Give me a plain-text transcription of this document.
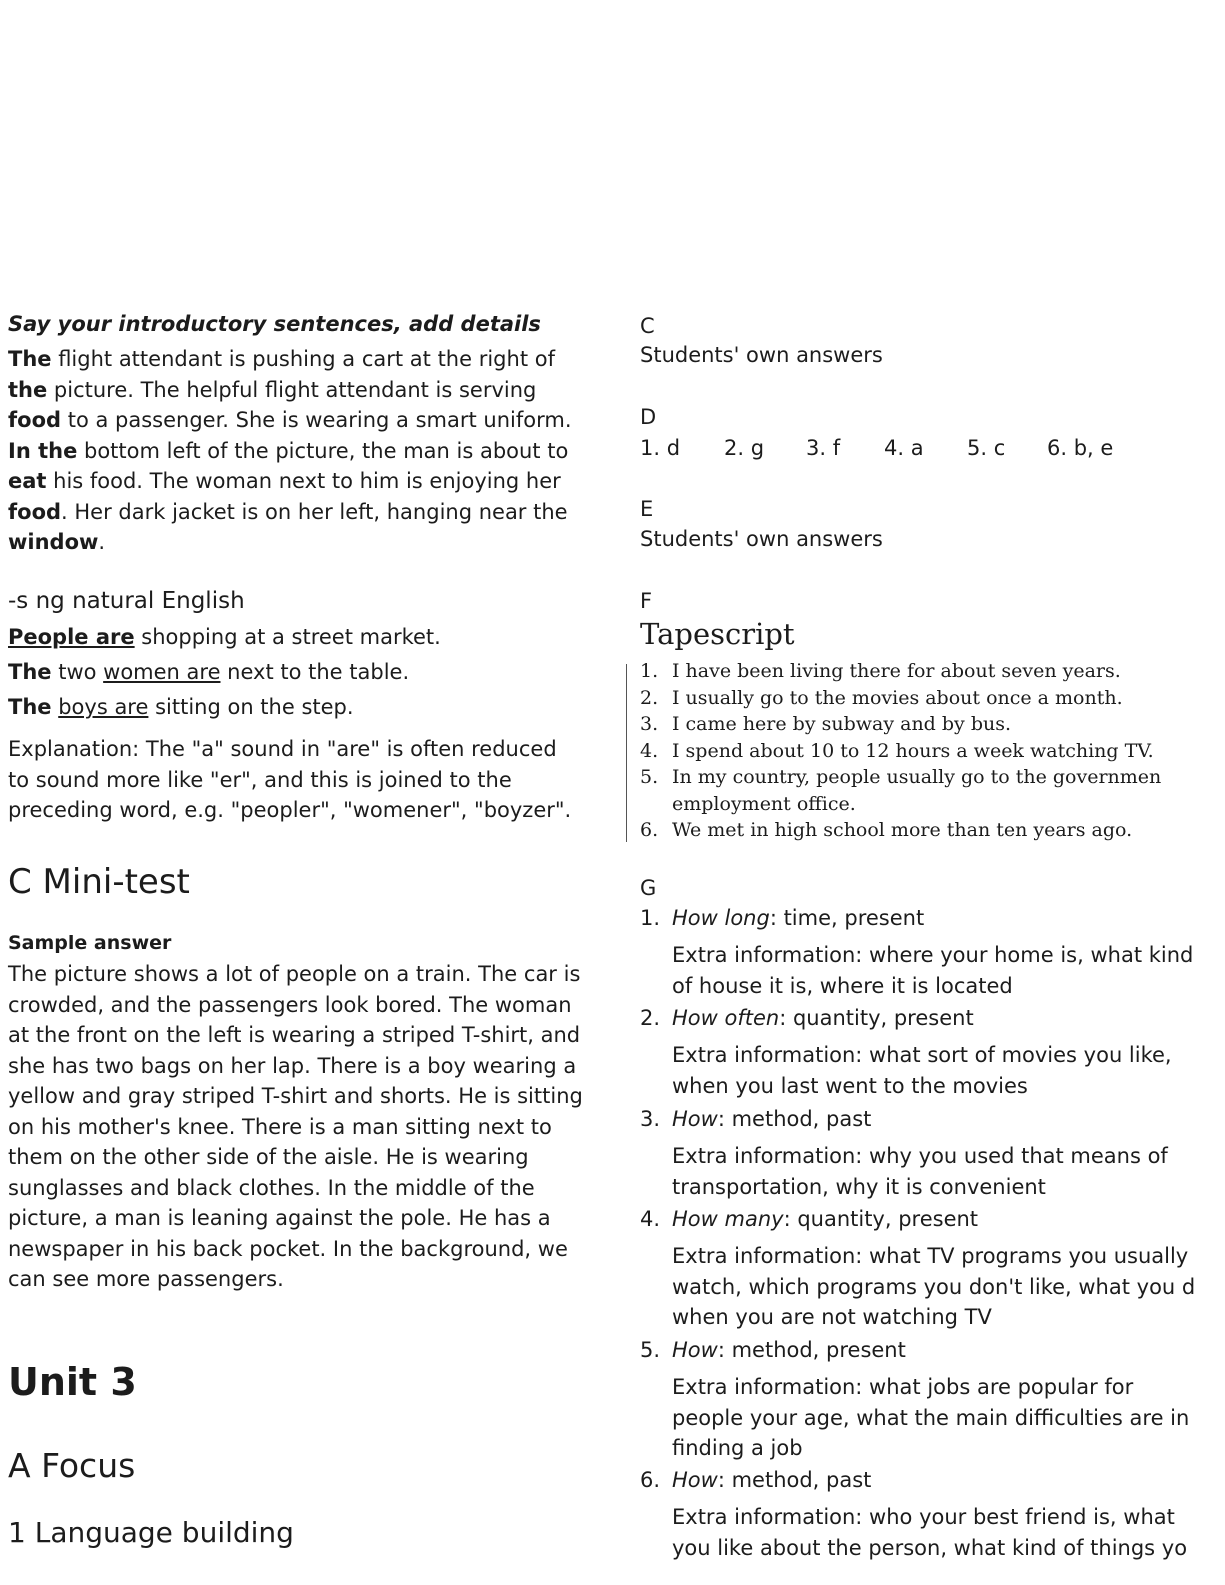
Say your introductory sentences, add details
The flight attendant is pushing a cart at the right of
the picture. The helpful flight attendant is serving
food to a passenger. She is wearing a smart uniform.
In the bottom left of the picture, the man is about to
eat his food. The woman next to him is enjoying her
food. Her dark jacket is on her left, hanging near the
window.
-s ng natural English
People are shopping at a street market.
The two women are next to the table.
The boys are sitting on the step.
Explanation: The "a" sound in "are" is often reduced
to sound more like "er", and this is joined to the
preceding word, e.g. "peopler", "womener", "boyzer".
C Mini-test
Sample answer
The picture shows a lot of people on a train. The car is
crowded, and the passengers look bored. The woman
at the front on the left is wearing a striped T-shirt, and
she has two bags on her lap. There is a boy wearing a
yellow and gray striped T-shirt and shorts. He is sitting
on his mother's knee. There is a man sitting next to
them on the other side of the aisle. He is wearing
sunglasses and black clothes. In the middle of the
picture, a man is leaning against the pole. He has a
newspaper in his back pocket. In the background, we
can see more passengers.
Unit 3
A Focus
1 Language building
C
Students' own answers
D
1. d 2. g 3. f 4. a 5. c 6. b, e
E
Students' own answers
F
Tapescript
1. I have been living there for about seven years.
2. I usually go to the movies about once a month.
3. I came here by subway and by bus.
4. I spend about 10 to 12 hours a week watching TV.
5. In my country, people usually go to the governmen
employment office.
6. We met in high school more than ten years ago.
G
1. How long: time, present
Extra information: where your home is, what kind
of house it is, where it is located
2. How often: quantity, present
Extra information: what sort of movies you like,
when you last went to the movies
3. How: method, past
Extra information: why you used that means of
transportation, why it is convenient
4. How many: quantity, present
Extra information: what TV programs you usually
watch, which programs you don't like, what you d
when you are not watching TV
5. How: method, present
Extra information: what jobs are popular for
people your age, what the main difficulties are in
finding a job
6. How: method, past
Extra information: who your best friend is, what
you like about the person, what kind of things yo
